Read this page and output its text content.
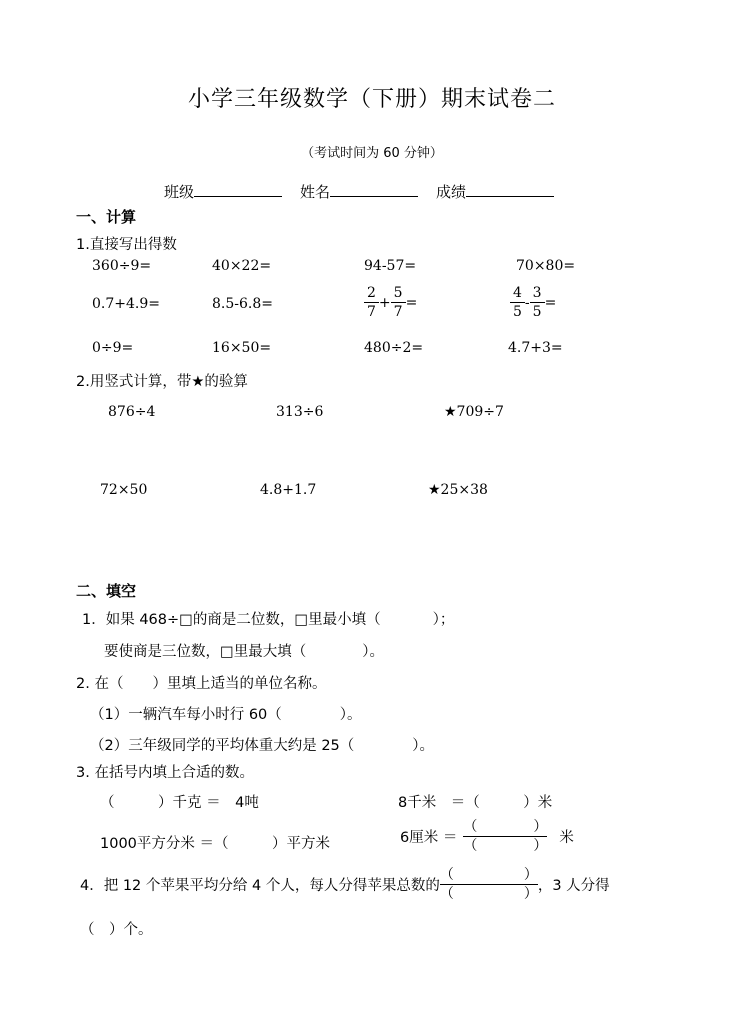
小学三年级数学（下册）期末试卷二
（考试时间为 60 分钟）
班级	姓名	成绩
一、计算
1.直接写出得数
360÷9=	40×22=	94-57=	70×80=
0.7+4.9=	8.5-6.8=	$\frac{2}{7} + \frac{5}{7}$ =	$\frac{4}{5} - \frac{3}{5}$ =
0÷9=	16×50=	480÷2=	4.7+3=
2.用竖式计算，带★的验算
876÷4	313÷6	★709÷7
72×50	4.8+1.7	★25×38
二、填空
1．如果 468÷□的商是二位数，□里最小填（	）；
要使商是三位数，□里最大填（	）。
2. 在（　　）里填上适当的单位名称。
（1）一辆汽车每小时行 60（　　　　）。
（2）三年级同学的平均体重大约是 25（　　　　）。
3. 在括号内填上合适的数。
（　　　）千克 ＝　4吨	8千米　＝（　　　）米
1000平方分米 ＝（　　　）平方米	6厘米 ＝ $\frac{( )}{( )}$ 米
4．把 12 个苹果平均分给 4 个人，每人分得苹果总数的 $\frac{( )}{( )}$ ，3 人分得
（　）个。
